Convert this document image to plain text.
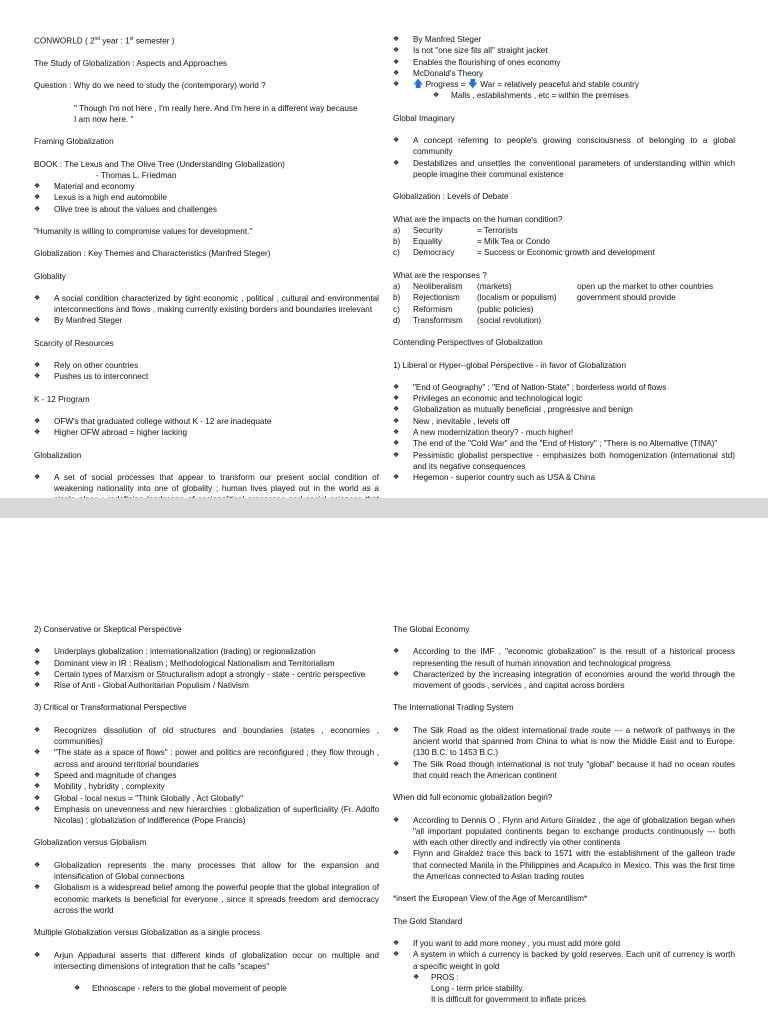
CONWORLD ( 2nd year : 1st semester )

The Study of Globalization : Aspects and Approaches

Question : Why do we need to study the (contemporary) world ?

" Though I'm not here , I'm really here. And I'm here in a different way because I am now here. "

Framing Globalization

BOOK : The Lexus and The Olive Tree (Understanding Globalization)
- Thomas L. Friedman
❖ Material and economy
❖ Lexus is a high end automobile
❖ Olive tree is about the values and challenges

"Humanity is willing to compromise values for development."

Globalization : Key Themes and Characteristics (Manfred Steger)

Globality

❖ A social condition characterized by tight economic , political , cultural and environmental interconnections and flows , making currently existing borders and boundaries irrelevant
❖ By Manfred Steger

Scarcity of Resources

❖ Rely on other countries
❖ Pushes us to interconnect

K - 12 Program

❖ OFW's that graduated college without K - 12 are inadequate
❖ Higher OFW abroad = higher lacking

Globalization

❖ A set of social processes that appear to transform our present social condition of weakening nationality into one of globality ; human lives played out in the world as a
❖ By Manfred Steger
❖ Is not "one size fits all" straight jacket
❖ Enables the flourishing of ones economy
❖ McDonald's Theory
❖ 🡅 Progress = 🡇 War = relatively peaceful and stable country
❖ Malls , establishments , etc = within the premises

Global Imaginary

❖ A concept referring to people's growing consciousness of belonging to a global community
❖ Destabilizes and unsettles the conventional parameters of understanding within which people imagine their communal existence

Globalization : Levels of Debate

What are the impacts on the human condition?
a)	Security	= Terrorists
b)	Equality	= Milk Tea or Condo
c)	Democracy	= Success or Economic growth and development
What are the responses ?
a)	Neoliberalism	(markets)	open up the market to other countries
b)	Rejectionism	(localism or populism)	government should provide
c)	Reformism	(public policies)
d)	Transformism	(social revolution)

Contending Perspectives of Globalization

1) Liberal or Hyper--global Perspective - in favor of Globalization

❖ "End of Geography" ; "End of Nation-State" ; borderless world of flows
❖ Privileges an economic and technological logic
❖ Globalization as mutually beneficial , progressive and benign
❖ New , inevitable , levels off
❖ A new modernization theory? - much higher!
❖ The end of the "Cold War" and the "End of History" ; "There is no Alternative (TINA)"
❖ Pessimistic globalist perspective - emphasizes both homogenization (international std) and its negative consequences
❖ Hegemon - superior country such as USA & China

2) Conservative or Skeptical Perspective

❖ Underplays globalization : internationalization (trading) or regionalization
❖ Dominant view in IR : Realism ; Methodological Nationalism and Territorialism
❖ Certain types of Marxism or Structuralism adopt a strongly - state - centric perspective
❖ Rise of Anti - Global Authoritarian Populism / Nativism

3) Critical or Transformational Perspective

❖ Recognizes dissolution of old structures and boundaries (states , economies , communities)
❖ "The state as a space of flows" : power and politics are reconfigured ; they flow through , across and around territorial boundaries
❖ Speed and magnitude of changes
❖ Mobility , hybridity , complexity
❖ Global - local nexus = "Think Globally , Act Globally"
❖ Emphasis on unevenness and new hierarchies : globalization of superficiality (Fr. Adolfo Nicolas) ; globalization of indifference (Pope Francis)

Globalization versus Globalism

❖ Globalization represents the many processes that allow for the expansion and intensification of Global connections
❖ Globalism is a widespread belief among the powerful people that the global integration of economic markets is beneficial for everyone , since it spreads freedom and democracy across the world

Multiple Globalization versus Globalization as a single process

❖ Arjun Appadurai asserts that different kinds of globalization occur on multiple and intersecting dimensions of integration that he calls "scapes"
❖ Ethnoscape - refers to the global movement of people

The Global Economy

❖ According to the IMF , "economic globalization" is the result of a historical process representing the result of human innovation and technological progress
❖ Characterized by the increasing integration of economies around the world through the movement of goods , services , and capital across borders

The International Trading System

❖ The Silk Road as the oldest international trade route --- a network of pathways in the ancient world that spanned from China to what is now the Middle East and to Europe. (130 B.C. to 1453 B.C.)
❖ The Silk Road though international is not truly "global" because it had no ocean routes that could reach the American continent

When did full economic globalization begin?

❖ According to Dennis O , Flynn and Arturo Giraldez , the age of globalization began when "all important populated continents began to exchange products continuously --- both with each other directly and indirectly via other continents
❖ Flynn and Giraldez trace this back to 1571 with the establishment of the galleon trade that connected Manila in the Philippines and Acapulco in Mexico. This was the first time the Americas connected to Asian trading routes

*insert the European View of the Age of Mercantilism*

The Gold Standard

❖ If you want to add more money , you must add more gold
❖ A system in which a currency is backed by gold reserves. Each unit of currency is worth a specific weight in gold
❖ PROS :
Long - term price stability.
It is difficult for government to inflate prices
